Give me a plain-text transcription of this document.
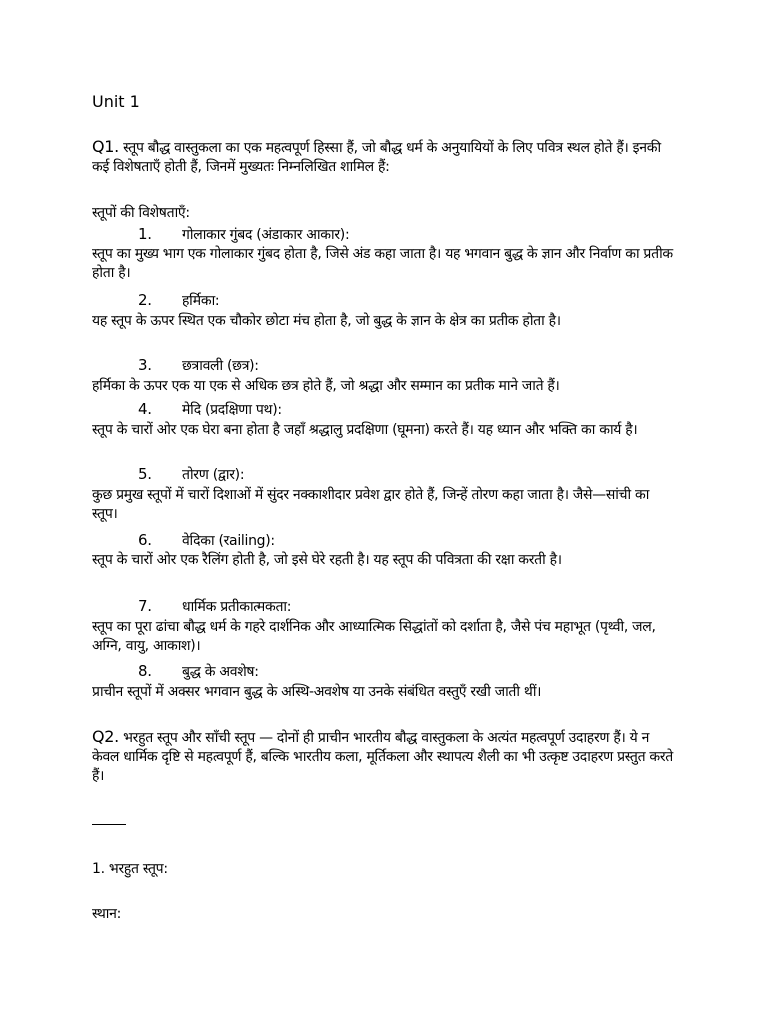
Unit 1

Q1. स्तूप बौद्ध वास्तुकला का एक महत्वपूर्ण हिस्सा हैं, जो बौद्ध धर्म के अनुयायियों के लिए पवित्र स्थल होते हैं। इनकी कई विशेषताएँ होती हैं, जिनमें मुख्यतः निम्नलिखित शामिल हैं:

स्तूपों की विशेषताएँ:

1. गोलाकार गुंबद (अंडाकार आकार):

स्तूप का मुख्य भाग एक गोलाकार गुंबद होता है, जिसे अंड कहा जाता है। यह भगवान बुद्ध के ज्ञान और निर्वाण का प्रतीक होता है।

2. हर्मिका:

यह स्तूप के ऊपर स्थित एक चौकोर छोटा मंच होता है, जो बुद्ध के ज्ञान के क्षेत्र का प्रतीक होता है।

3. छत्रावली (छत्र):

हर्मिका के ऊपर एक या एक से अधिक छत्र होते हैं, जो श्रद्धा और सम्मान का प्रतीक माने जाते हैं।

4. मेदि (प्रदक्षिणा पथ):

स्तूप के चारों ओर एक घेरा बना होता है जहाँ श्रद्धालु प्रदक्षिणा (घूमना) करते हैं। यह ध्यान और भक्ति का कार्य है।

5. तोरण (द्वार):

कुछ प्रमुख स्तूपों में चारों दिशाओं में सुंदर नक्काशीदार प्रवेश द्वार होते हैं, जिन्हें तोरण कहा जाता है। जैसे—सांची का स्तूप।

6. वेदिका (रailing):

स्तूप के चारों ओर एक रैलिंग होती है, जो इसे घेरे रहती है। यह स्तूप की पवित्रता की रक्षा करती है।

7. धार्मिक प्रतीकात्मकता:

स्तूप का पूरा ढांचा बौद्ध धर्म के गहरे दार्शनिक और आध्यात्मिक सिद्धांतों को दर्शाता है, जैसे पंच महाभूत (पृथ्वी, जल, अग्नि, वायु, आकाश)।

8. बुद्ध के अवशेष:

प्राचीन स्तूपों में अक्सर भगवान बुद्ध के अस्थि-अवशेष या उनके संबंधित वस्तुएँ रखी जाती थीं।

Q2. भरहुत स्तूप और साँची स्तूप — दोनों ही प्राचीन भारतीय बौद्ध वास्तुकला के अत्यंत महत्वपूर्ण उदाहरण हैं। ये न केवल धार्मिक दृष्टि से महत्वपूर्ण हैं, बल्कि भारतीय कला, मूर्तिकला और स्थापत्य शैली का भी उत्कृष्ट उदाहरण प्रस्तुत करते हैं।

1. भरहुत स्तूप:

स्थान:
